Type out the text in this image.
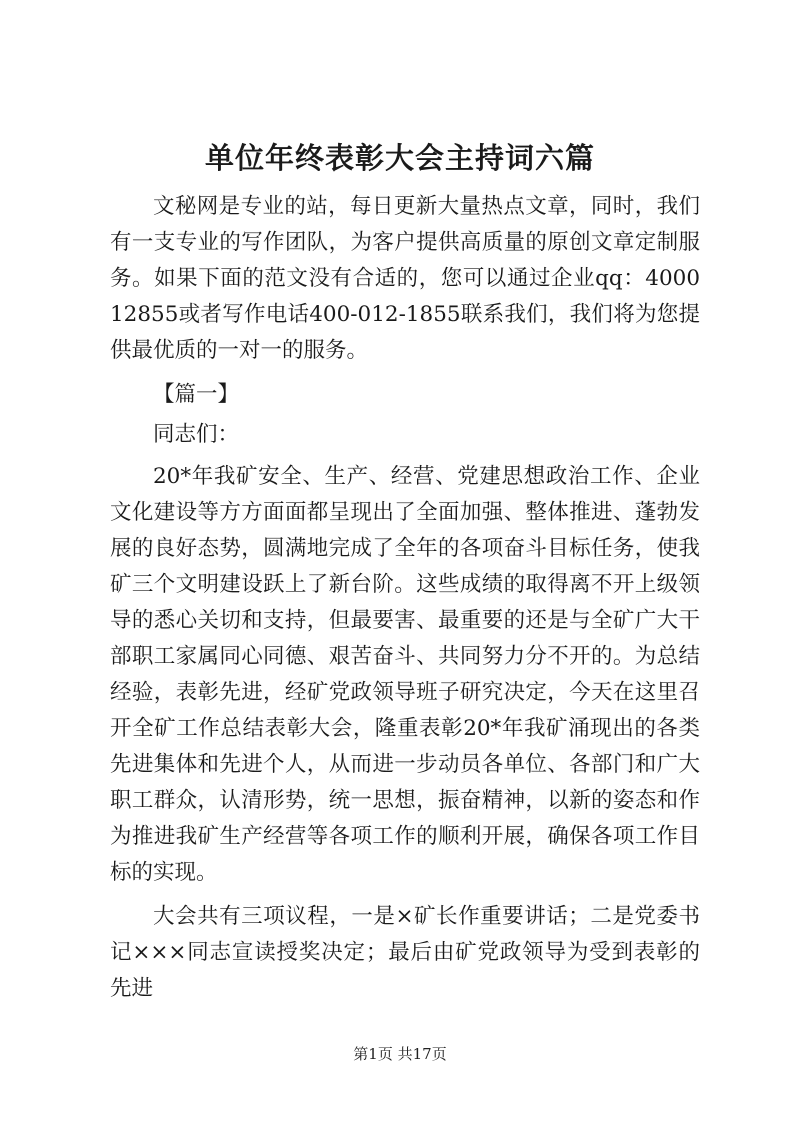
单位年终表彰大会主持词六篇

文秘网是专业的站，每日更新大量热点文章，同时，我们有一支专业的写作团队，为客户提供高质量的原创文章定制服务。如果下面的范文没有合适的，您可以通过企业qq：400012855或者写作电话400-012-1855联系我们，我们将为您提供最优质的一对一的服务。

【篇一】

同志们：

20*年我矿安全、生产、经营、党建思想政治工作、企业文化建设等方方面面都呈现出了全面加强、整体推进、蓬勃发展的良好态势，圆满地完成了全年的各项奋斗目标任务，使我矿三个文明建设跃上了新台阶。这些成绩的取得离不开上级领导的悉心关切和支持，但最要害、最重要的还是与全矿广大干部职工家属同心同德、艰苦奋斗、共同努力分不开的。为总结经验，表彰先进，经矿党政领导班子研究决定，今天在这里召开全矿工作总结表彰大会，隆重表彰20*年我矿涌现出的各类先进集体和先进个人，从而进一步动员各单位、各部门和广大职工群众，认清形势，统一思想，振奋精神，以新的姿态和作为推进我矿生产经营等各项工作的顺利开展，确保各项工作目标的实现。

大会共有三项议程，一是×矿长作重要讲话；二是党委书记×××同志宣读授奖决定；最后由矿党政领导为受到表彰的先进

第1页 共17页
